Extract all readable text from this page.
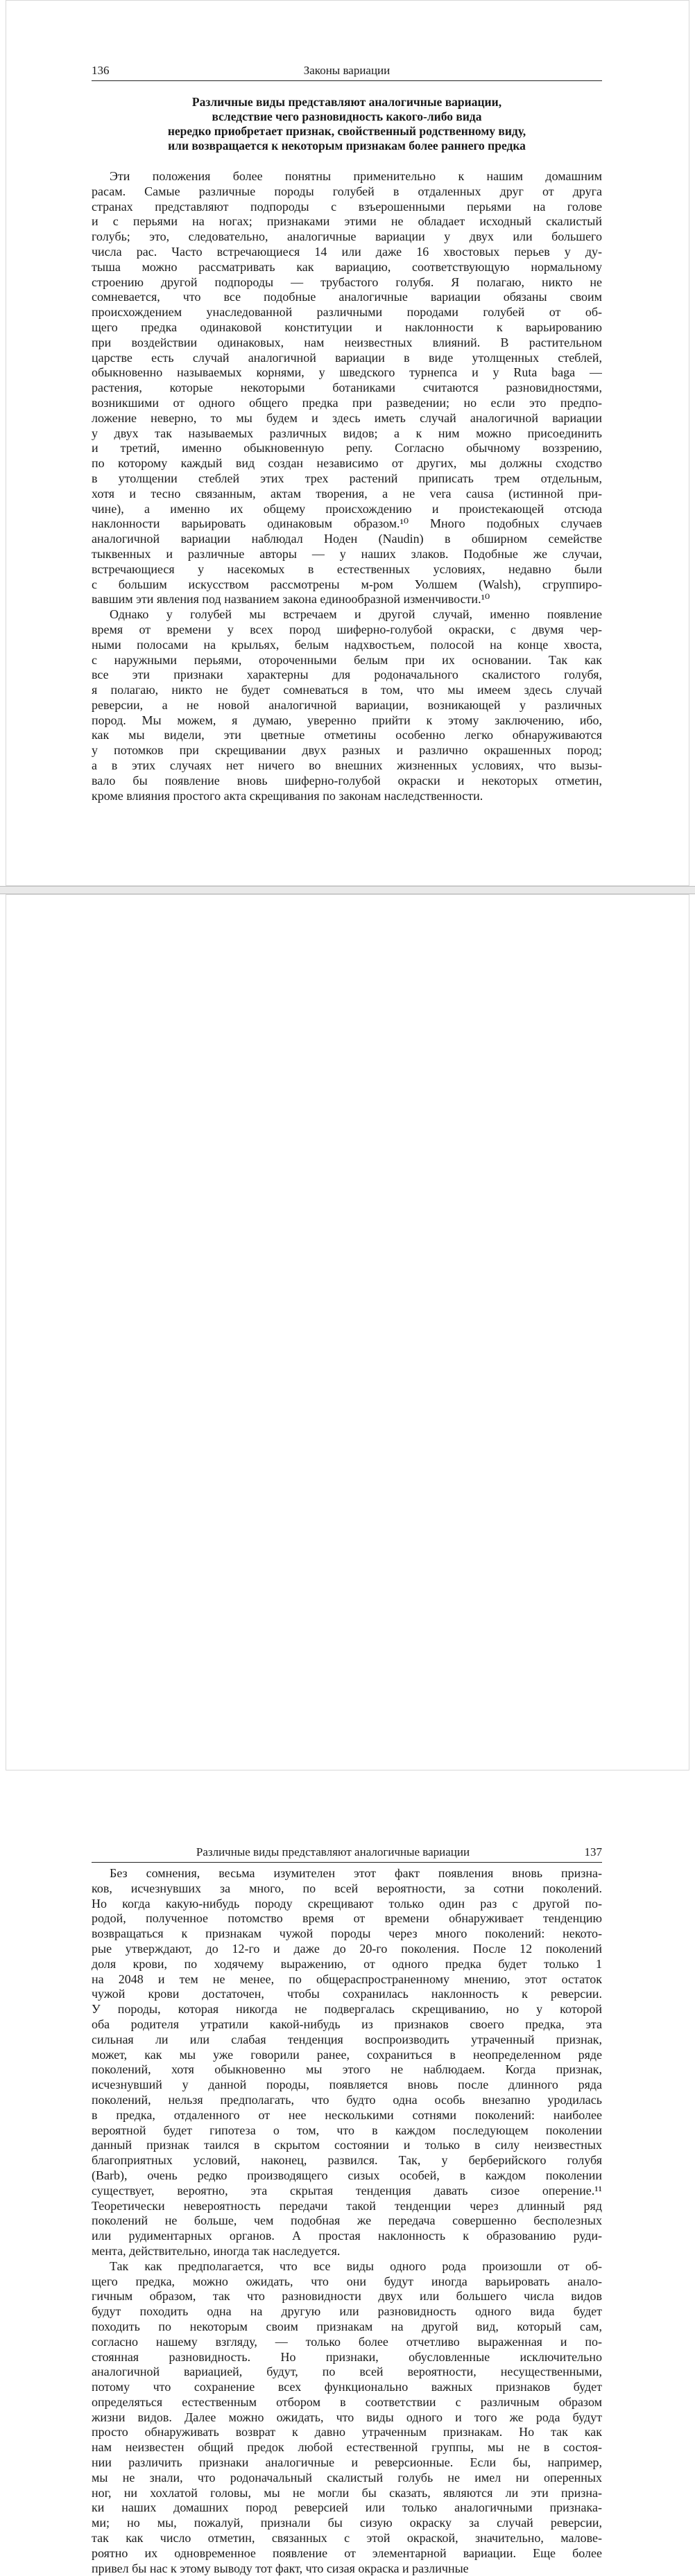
136	Законы вариации
Различные виды представляют аналогичные вариации,
вследствие чего разновидность какого-либо вида
нередко приобретает признак, свойственный родственному виду,
или возвращается к некоторым признакам более раннего предка

Эти положения более понятны применительно к нашим домашним
расам. Самые различные породы голубей в отдаленных друг от друга
странах представляют подпороды с взъерошенными перьями на голове
и с перьями на ногах; признаками этими не обладает исходный скалистый
голубь; это, следовательно, аналогичные вариации у двух или большего
числа рас. Часто встречающиеся 14 или даже 16 хвостовых перьев у ду-
тыша можно рассматривать как вариацию, соответствующую нормальному
строению другой подпороды — трубастого голубя. Я полагаю, никто не
сомневается, что все подобные аналогичные вариации обязаны своим
происхождением унаследованной различными породами голубей от об-
щего предка одинаковой конституции и наклонности к варьированию
при воздействии одинаковых, нам неизвестных влияний. В растительном
царстве есть случай аналогичной вариации в виде утолщенных стеблей,
обыкновенно называемых корнями, у шведского турнепса и у Ruta baga —
растения, которые некоторыми ботаниками считаются разновидностями,
возникшими от одного общего предка при разведении; но если это предпо-
ложение неверно, то мы будем и здесь иметь случай аналогичной вариации
у двух так называемых различных видов; а к ним можно присоединить
и третий, именно обыкновенную репу. Согласно обычному воззрению,
по которому каждый вид создан независимо от других, мы должны сходство
в утолщении стеблей этих трех растений приписать трем отдельным,
хотя и тесно связанным, актам творения, а не vera causa (истинной при-
чине), а именно их общему происхождению и проистекающей отсюда
наклонности варьировать одинаковым образом.¹⁰ Много подобных случаев
аналогичной вариации наблюдал Ноден (Naudin) в обширном семействе
тыквенных и различные авторы — у наших злаков. Подобные же случаи,
встречающиеся у насекомых в естественных условиях, недавно были
с большим искусством рассмотрены м-ром Уолшем (Walsh), сгруппиро-
вавшим эти явления под названием закона единообразной изменчивости.¹⁰

Однако у голубей мы встречаем и другой случай, именно появление
время от времени у всех пород шиферно-голубой окраски, с двумя чер-
ными полосами на крыльях, белым надхвостьем, полосой на конце хвоста,
с наружными перьями, отороченными белым при их основании. Так как
все эти признаки характерны для родоначального скалистого голубя,
я полагаю, никто не будет сомневаться в том, что мы имеем здесь случай
реверсии, а не новой аналогичной вариации, возникающей у различных
пород. Мы можем, я думаю, уверенно прийти к этому заключению, ибо,
как мы видели, эти цветные отметины особенно легко обнаруживаются
у потомков при скрещивании двух разных и различно окрашенных пород;
а в этих случаях нет ничего во внешних жизненных условиях, что вызы-
вало бы появление вновь шиферно-голубой окраски и некоторых отметин,
кроме влияния простого акта скрещивания по законам наследственности.

Различные виды представляют аналогичные вариации	137

Без сомнения, весьма изумителен этот факт появления вновь призна-
ков, исчезнувших за много, по всей вероятности, за сотни поколений.
Но когда какую-нибудь породу скрещивают только один раз с другой по-
родой, полученное потомство время от времени обнаруживает тенденцию
возвращаться к признакам чужой породы через много поколений: некото-
рые утверждают, до 12-го и даже до 20-го поколения. После 12 поколений
доля крови, по ходячему выражению, от одного предка будет только 1
на 2048 и тем не менее, по общераспространенному мнению, этот остаток
чужой крови достаточен, чтобы сохранилась наклонность к реверсии.
У породы, которая никогда не подвергалась скрещиванию, но у которой
оба родителя утратили какой-нибудь из признаков своего предка, эта
сильная ли или слабая тенденция воспроизводить утраченный признак,
может, как мы уже говорили ранее, сохраниться в неопределенном ряде
поколений, хотя обыкновенно мы этого не наблюдаем. Когда признак,
исчезнувший у данной породы, появляется вновь после длинного ряда
поколений, нельзя предполагать, что будто одна особь внезапно уродилась
в предка, отдаленного от нее несколькими сотнями поколений: наиболее
вероятной будет гипотеза о том, что в каждом последующем поколении
данный признак таился в скрытом состоянии и только в силу неизвестных
благоприятных условий, наконец, развился. Так, у берберийского голубя
(Barb), очень редко производящего сизых особей, в каждом поколении
существует, вероятно, эта скрытая тенденция давать сизое оперение.¹¹
Теоретически невероятность передачи такой тенденции через длинный ряд
поколений не больше, чем подобная же передача совершенно бесполезных
или рудиментарных органов. А простая наклонность к образованию руди-
мента, действительно, иногда так наследуется.

Так как предполагается, что все виды одного рода произошли от об-
щего предка, можно ожидать, что они будут иногда варьировать анало-
гичным образом, так что разновидности двух или большего числа видов
будут походить одна на другую или разновидность одного вида будет
походить по некоторым своим признакам на другой вид, который сам,
согласно нашему взгляду, — только более отчетливо выраженная и по-
стоянная разновидность. Но признаки, обусловленные исключительно
аналогичной вариацией, будут, по всей вероятности, несущественными,
потому что сохранение всех функционально важных признаков будет
определяться естественным отбором в соответствии с различным образом
жизни видов. Далее можно ожидать, что виды одного и того же рода будут
просто обнаруживать возврат к давно утраченным признакам. Но так как
нам неизвестен общий предок любой естественной группы, мы не в состоя-
нии различить признаки аналогичные и реверсионные. Если бы, например,
мы не знали, что родоначальный скалистый голубь не имел ни оперенных
ног, ни хохлатой головы, мы не могли бы сказать, являются ли эти призна-
ки наших домашних пород реверсией или только аналогичными признака-
ми; но мы, пожалуй, признали бы сизую окраску за случай реверсии,
так как число отметин, связанных с этой окраской, значительно, малове-
роятно их одновременное появление от элементарной вариации. Еще более
привел бы нас к этому выводу тот факт, что сизая окраска и различные
